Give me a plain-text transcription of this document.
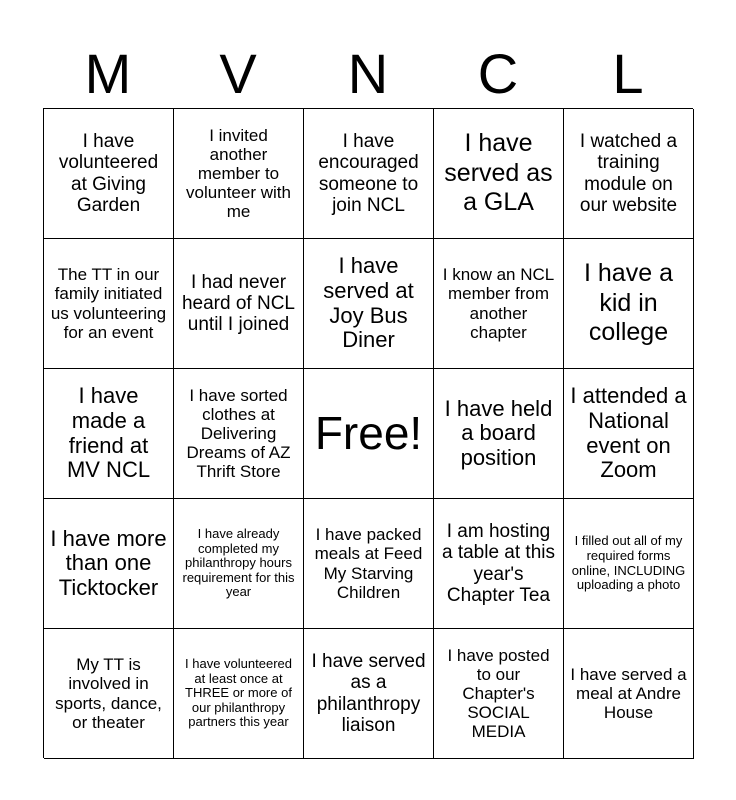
M	V	N	C	L
I have volunteered at Giving Garden
I invited another member to volunteer with me
I have encouraged someone to join NCL
I have served as a GLA
I watched a training module on our website
The TT in our family initiated us volunteering for an event
I had never heard of NCL until I joined
I have served at Joy Bus Diner
I know an NCL member from another chapter
I have a kid in college
I have made a friend at MV NCL
I have sorted clothes at Delivering Dreams of AZ Thrift Store
Free! I have held a board position
I attended a National event on Zoom
I have more than one Ticktocker
I have already completed my philanthropy hours requirement for this year
I have packed meals at Feed My Starving Children
I am hosting a table at this year's Chapter Tea
I filled out all of my required forms online, INCLUDING uploading a photo
My TT is involved in sports, dance, or theater
I have volunteered at least once at THREE or more of our philanthropy partners this year
I have served as a philanthropy liaison
I have posted to our Chapter's SOCIAL MEDIA
I have served a meal at Andre House
